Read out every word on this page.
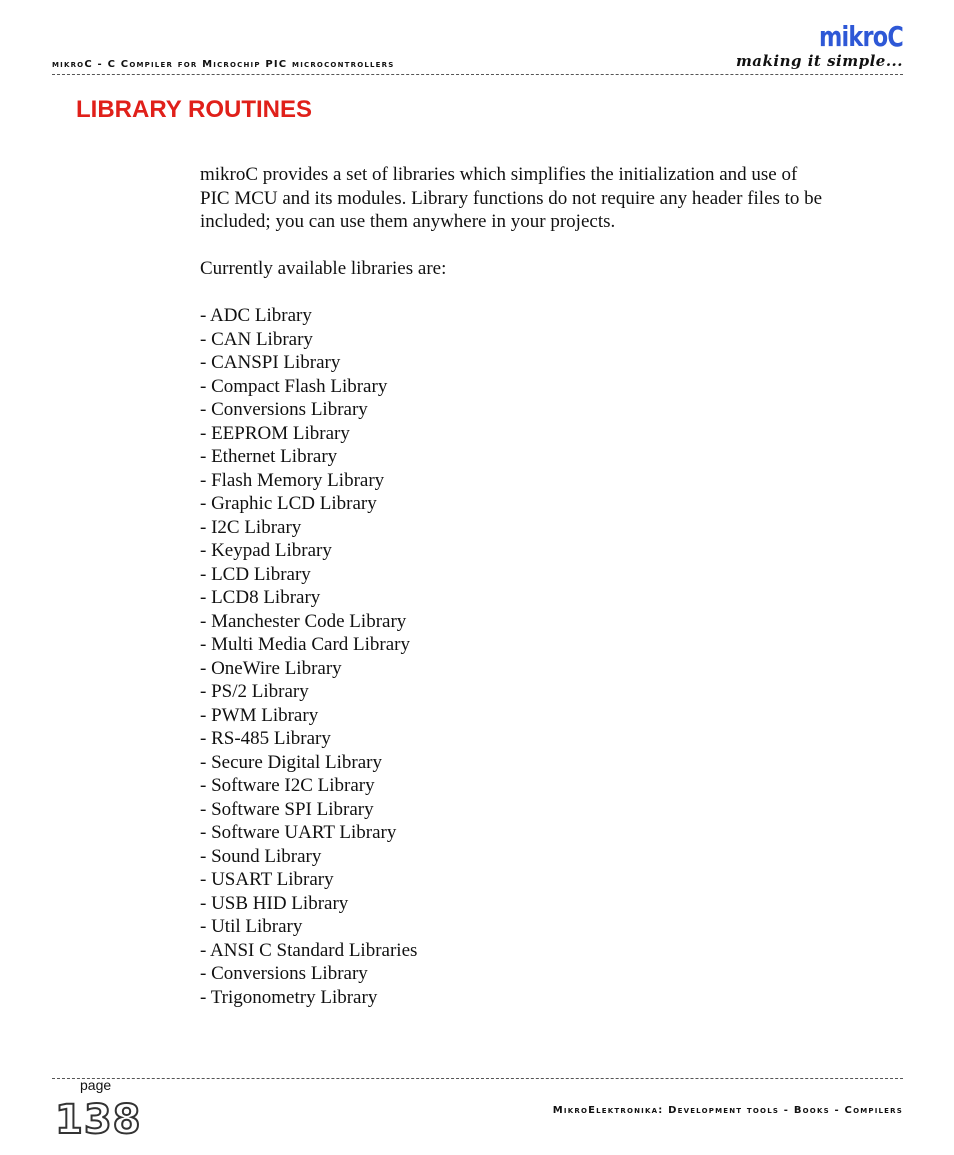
mikroC - C Compiler for Microchip PIC microcontrollers
mikroC
making it simple...
LIBRARY ROUTINES
mikroC provides a set of libraries which simplifies the initialization and use of
PIC MCU and its modules. Library functions do not require any header files to be
included; you can use them anywhere in your projects.
Currently available libraries are:
- ADC Library
- CAN Library
- CANSPI Library
- Compact Flash Library
- Conversions Library
- EEPROM Library
- Ethernet Library
- Flash Memory Library
- Graphic LCD Library
- I2C Library
- Keypad Library
- LCD Library
- LCD8 Library
- Manchester Code Library
- Multi Media Card Library
- OneWire Library
- PS/2 Library
- PWM Library
- RS-485 Library
- Secure Digital Library
- Software I2C Library
- Software SPI Library
- Software UART Library
- Sound Library
- USART Library
- USB HID Library
- Util Library
- ANSI C Standard Libraries
- Conversions Library
- Trigonometry Library
page
138	MikroElektronika: Development tools - Books - Compilers
